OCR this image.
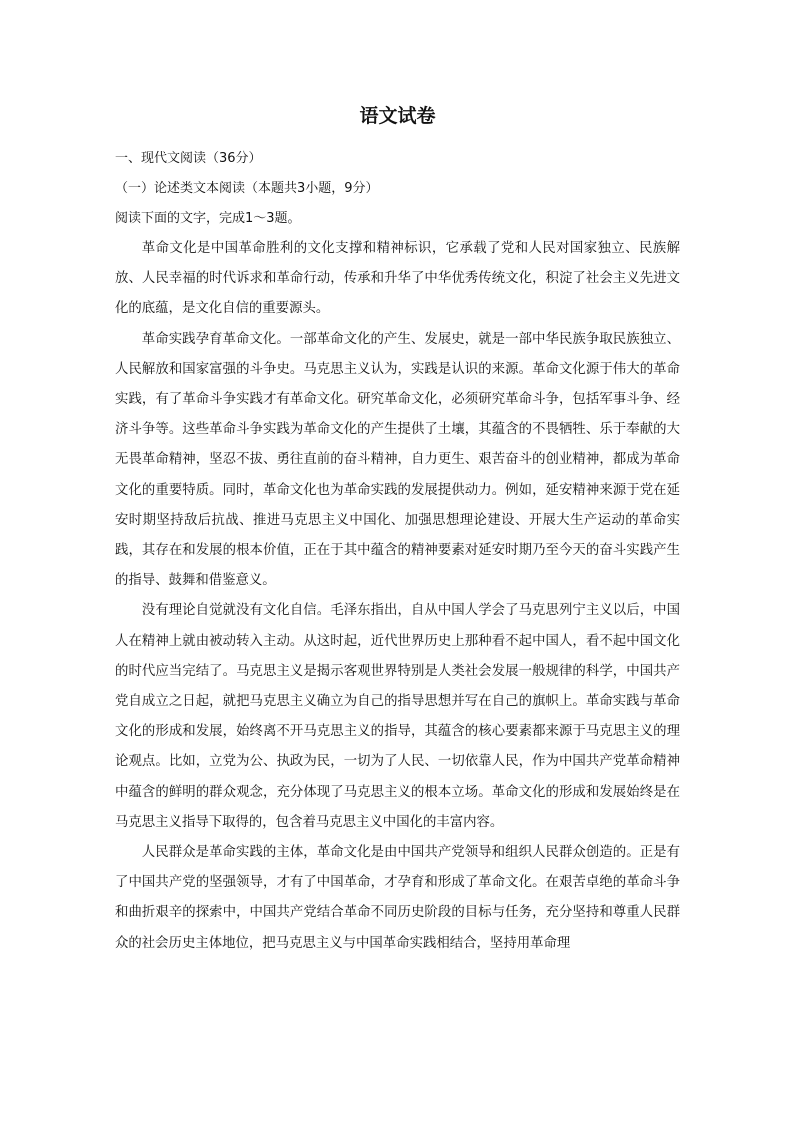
语文试卷

一、现代文阅读（36分）

（一）论述类文本阅读（本题共3小题，9分）

阅读下面的文字，完成1～3题。

革命文化是中国革命胜利的文化支撑和精神标识，它承载了党和人民对国家独立、民族解放、人民幸福的时代诉求和革命行动，传承和升华了中华优秀传统文化，积淀了社会主义先进文化的底蕴，是文化自信的重要源头。

革命实践孕育革命文化。一部革命文化的产生、发展史，就是一部中华民族争取民族独立、人民解放和国家富强的斗争史。马克思主义认为，实践是认识的来源。革命文化源于伟大的革命实践，有了革命斗争实践才有革命文化。研究革命文化，必须研究革命斗争，包括军事斗争、经济斗争等。这些革命斗争实践为革命文化的产生提供了土壤，其蕴含的不畏牺牲、乐于奉献的大无畏革命精神，坚忍不拔、勇往直前的奋斗精神，自力更生、艰苦奋斗的创业精神，都成为革命文化的重要特质。同时，革命文化也为革命实践的发展提供动力。例如，延安精神来源于党在延安时期坚持敌后抗战、推进马克思主义中国化、加强思想理论建设、开展大生产运动的革命实践，其存在和发展的根本价值，正在于其中蕴含的精神要素对延安时期乃至今天的奋斗实践产生的指导、鼓舞和借鉴意义。

没有理论自觉就没有文化自信。毛泽东指出，自从中国人学会了马克思列宁主义以后，中国人在精神上就由被动转入主动。从这时起，近代世界历史上那种看不起中国人，看不起中国文化的时代应当完结了。马克思主义是揭示客观世界特别是人类社会发展一般规律的科学，中国共产党自成立之日起，就把马克思主义确立为自己的指导思想并写在自己的旗帜上。革命实践与革命文化的形成和发展，始终离不开马克思主义的指导，其蕴含的核心要素都来源于马克思主义的理论观点。比如，立党为公、执政为民，一切为了人民、一切依靠人民，作为中国共产党革命精神中蕴含的鲜明的群众观念，充分体现了马克思主义的根本立场。革命文化的形成和发展始终是在马克思主义指导下取得的，包含着马克思主义中国化的丰富内容。

人民群众是革命实践的主体，革命文化是由中国共产党领导和组织人民群众创造的。正是有了中国共产党的坚强领导，才有了中国革命，才孕育和形成了革命文化。在艰苦卓绝的革命斗争和曲折艰辛的探索中，中国共产党结合革命不同历史阶段的目标与任务，充分坚持和尊重人民群众的社会历史主体地位，把马克思主义与中国革命实践相结合，坚持用革命理
